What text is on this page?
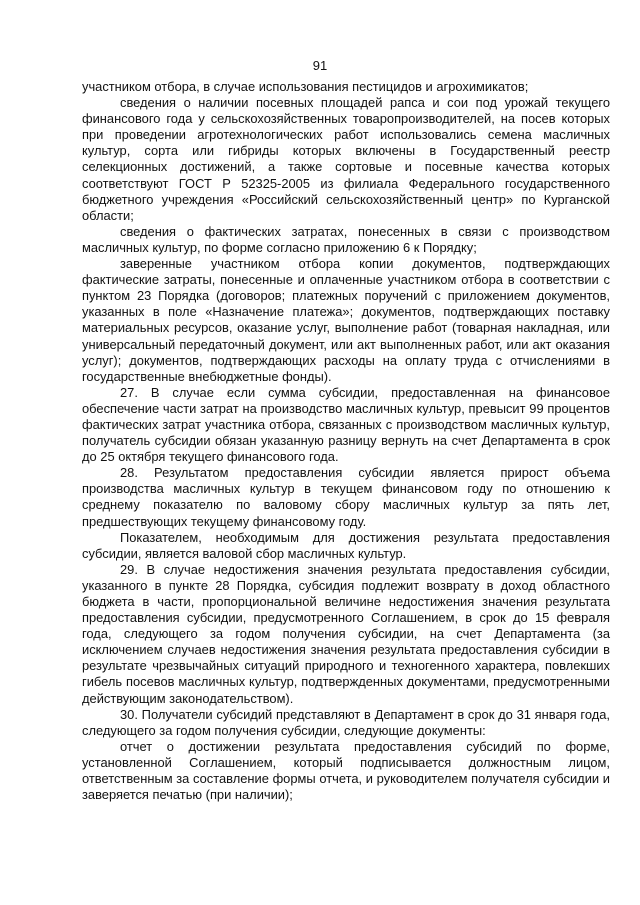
91

участником отбора, в случае использования пестицидов и агрохимикатов;

сведения о наличии посевных площадей рапса и сои под урожай текущего финансового года у сельскохозяйственных товаропроизводителей, на посев которых при проведении агротехнологических работ использовались семена масличных культур, сорта или гибриды которых включены в Государственный реестр селекционных достижений, а также сортовые и посевные качества которых соответствуют ГОСТ Р 52325-2005 из филиала Федерального государственного бюджетного учреждения «Российский сельскохозяйственный центр» по Курганской области;

сведения о фактических затратах, понесенных в связи с производством масличных культур, по форме согласно приложению 6 к Порядку;

заверенные участником отбора копии документов, подтверждающих фактические затраты, понесенные и оплаченные участником отбора в соответствии с пунктом 23 Порядка (договоров; платежных поручений с приложением документов, указанных в поле «Назначение платежа»; документов, подтверждающих поставку материальных ресурсов, оказание услуг, выполнение работ (товарная накладная, или универсальный передаточный документ, или акт выполненных работ, или акт оказания услуг); документов, подтверждающих расходы на оплату труда с отчислениями в государственные внебюджетные фонды).

27. В случае если сумма субсидии, предоставленная на финансовое обеспечение части затрат на производство масличных культур, превысит 99 процентов фактических затрат участника отбора, связанных с производством масличных культур, получатель субсидии обязан указанную разницу вернуть на счет Департамента в срок до 25 октября текущего финансового года.

28. Результатом предоставления субсидии является прирост объема производства масличных культур в текущем финансовом году по отношению к среднему показателю по валовому сбору масличных культур за пять лет, предшествующих текущему финансовому году.

Показателем, необходимым для достижения результата предоставления субсидии, является валовой сбор масличных культур.

29. В случае недостижения значения результата предоставления субсидии, указанного в пункте 28 Порядка, субсидия подлежит возврату в доход областного бюджета в части, пропорциональной величине недостижения значения результата предоставления субсидии, предусмотренного Соглашением, в срок до 15 февраля года, следующего за годом получения субсидии, на счет Департамента (за исключением случаев недостижения значения результата предоставления субсидии в результате чрезвычайных ситуаций природного и техногенного характера, повлекших гибель посевов масличных культур, подтвержденных документами, предусмотренными действующим законодательством).

30. Получатели субсидий представляют в Департамент в срок до 31 января года, следующего за годом получения субсидии, следующие документы:

отчет о достижении результата предоставления субсидий по форме, установленной Соглашением, который подписывается должностным лицом, ответственным за составление формы отчета, и руководителем получателя субсидии и заверяется печатью (при наличии);
